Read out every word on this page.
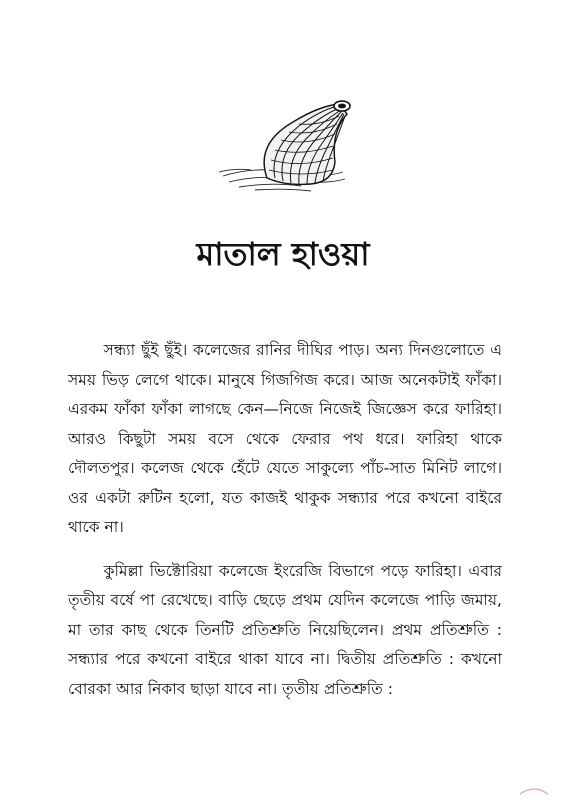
মাতাল হাওয়া

সন্ধ্যা ছুঁই ছুঁই। কলেজের রানির দীঘির পাড়। অন্য দিনগুলোতে এ সময় ভিড় লেগে থাকে। মানুষে গিজগিজ করে। আজ অনেকটাই ফাঁকা। এরকম ফাঁকা ফাঁকা লাগছে কেন—নিজে নিজেই জিজ্ঞেস করে ফারিহা। আরও কিছুটা সময় বসে থেকে ফেরার পথ ধরে। ফারিহা থাকে দৌলতপুর। কলেজ থেকে হেঁটে যেতে সাকুল্যে পাঁচ-সাত মিনিট লাগে। ওর একটা রুটিন হলো, যত কাজই থাকুক সন্ধ্যার পরে কখনো বাইরে থাকে না।

কুমিল্লা ভিক্টোরিয়া কলেজে ইংরেজি বিভাগে পড়ে ফারিহা। এবার তৃতীয় বর্ষে পা রেখেছে। বাড়ি ছেড়ে প্রথম যেদিন কলেজে পাড়ি জমায়, মা তার কাছ থেকে তিনটি প্রতিশ্রুতি নিয়েছিলেন। প্রথম প্রতিশ্রুতি : সন্ধ্যার পরে কখনো বাইরে থাকা যাবে না। দ্বিতীয় প্রতিশ্রুতি : কখনো বোরকা আর নিকাব ছাড়া যাবে না। তৃতীয় প্রতিশ্রুতি :
